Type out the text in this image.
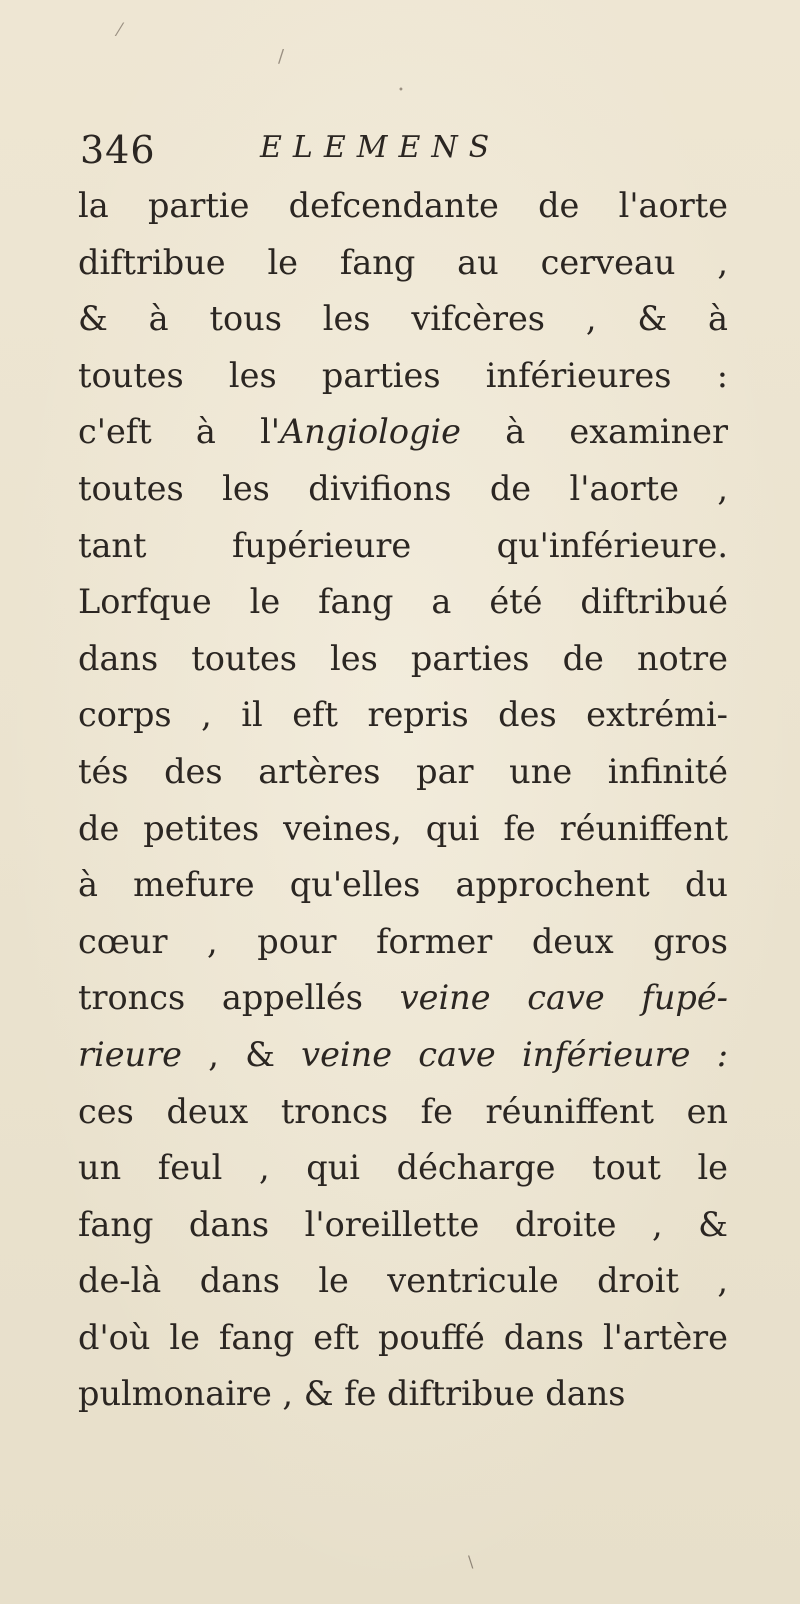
⁄
/
•
346	ELEMENS
la partie defcendante de l'aorte
diftribue le fang au cerveau ,
& à tous les vifcères , & à
toutes les parties inférieures :
c'eft à l'Angiologie à examiner
toutes les divifions de l'aorte ,
tant fupérieure qu'inférieure.
Lorfque le fang a été diftribué
dans toutes les parties de notre
corps , il eft repris des extrémi-
tés des artères par une infinité
de petites veines, qui fe réuniffent
à mefure qu'elles approchent du
cœur , pour former deux gros
troncs appellés veine cave fupé-
rieure , & veine cave inférieure :
ces deux troncs fe réuniffent en
un feul , qui décharge tout le
fang dans l'oreillette droite , &
de-là dans le ventricule droit ,
d'où le fang eft pouffé dans l'artère
pulmonaire , & fe diftribue dans
\
